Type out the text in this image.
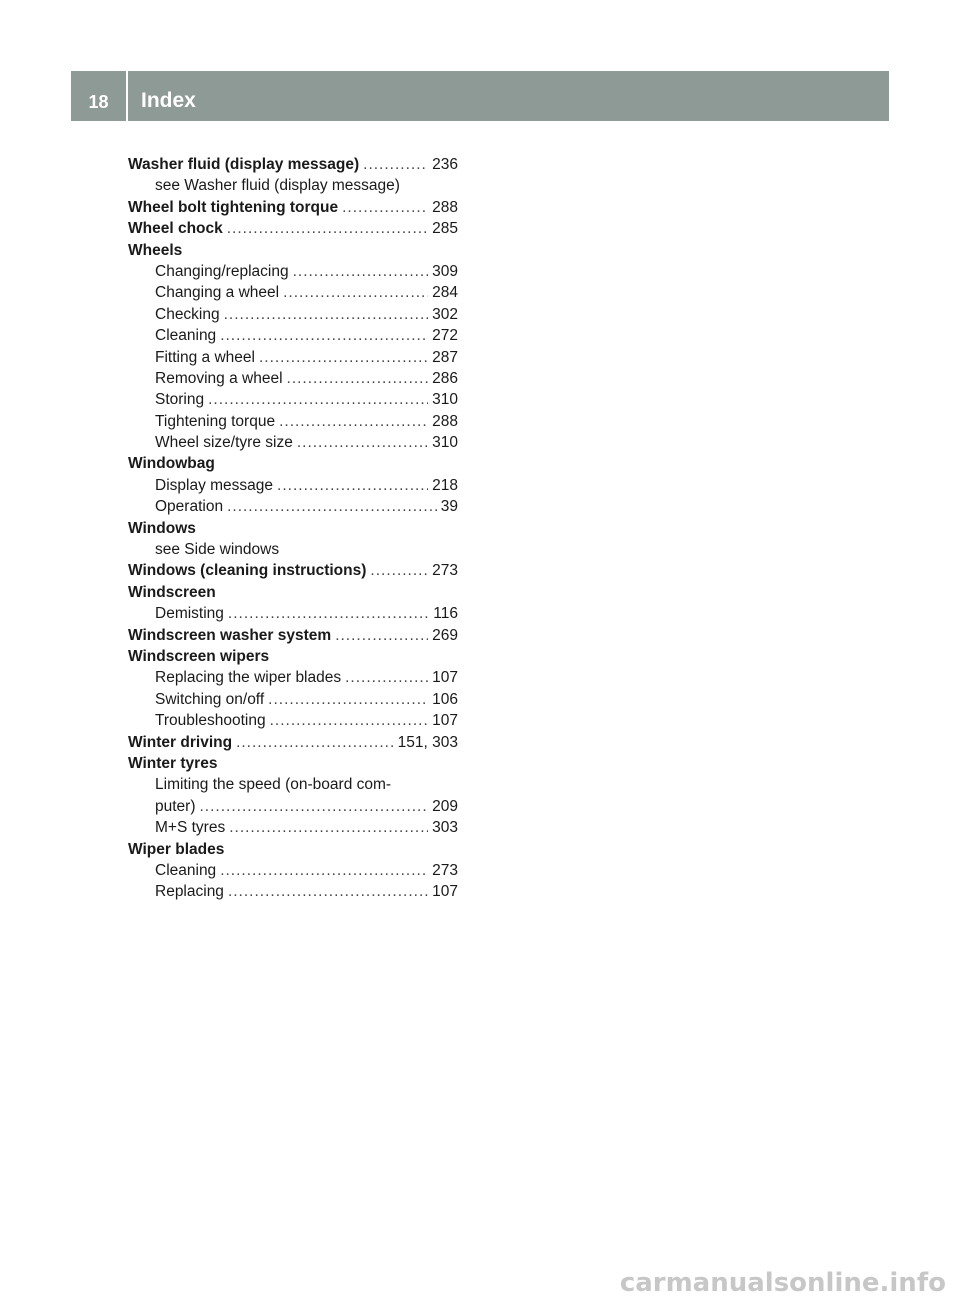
18	Index
Washer fluid (display message) .....	236
see Washer fluid (display message)
Wheel bolt tightening torque .....	288
Wheel chock .....	285
Wheels
Changing/replacing .....	309
Changing a wheel .....	284
Checking .....	302
Cleaning .....	272
Fitting a wheel .....	287
Removing a wheel .....	286
Storing .....	310
Tightening torque .....	288
Wheel size/tyre size .....	310
Windowbag
Display message .....	218
Operation .....	39
Windows
see Side windows
Windows (cleaning instructions) .....	273
Windscreen
Demisting .....	116
Windscreen washer system .....	269
Windscreen wipers
Replacing the wiper blades .....	107
Switching on/off .....	106
Troubleshooting .....	107
Winter driving .....	151, 303
Winter tyres
Limiting the speed (on-board com-
puter) .....	209
M+S tyres .....	303
Wiper blades
Cleaning .....	273
Replacing .....	107
carmanualsonline.info
